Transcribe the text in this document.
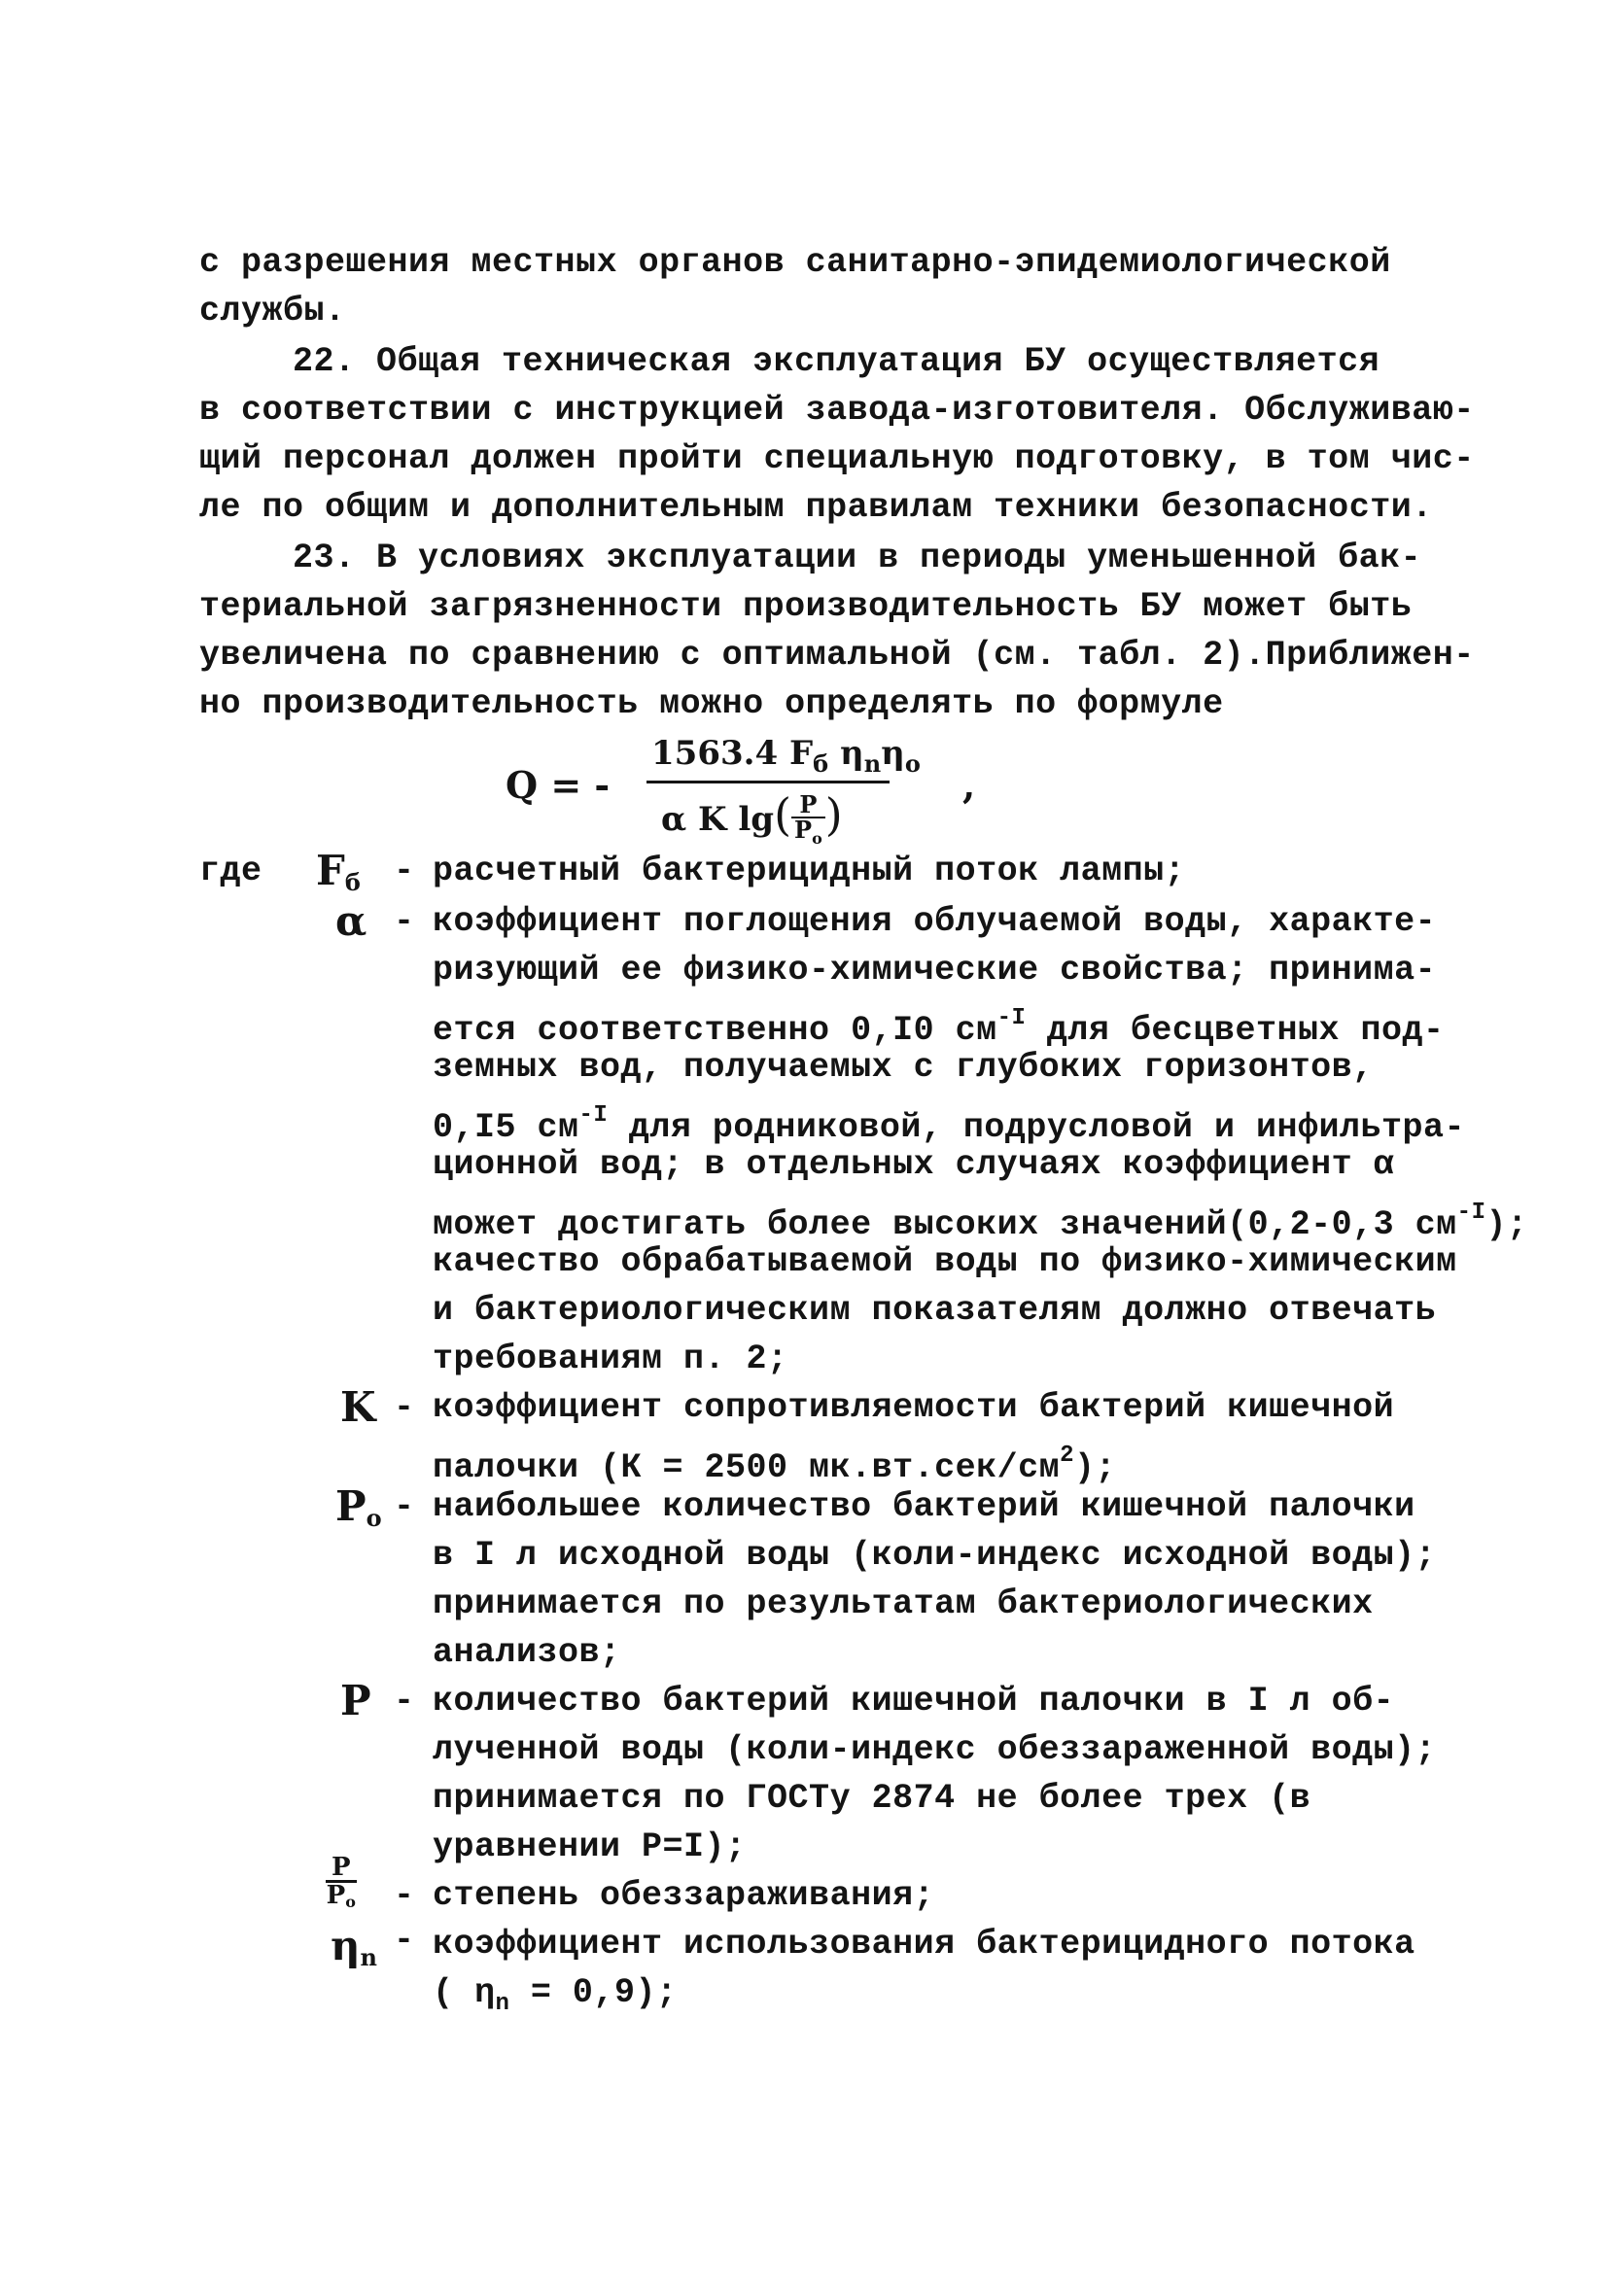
с разрешения местных органов санитарно-эпидемиологической
службы.
22. Общая техническая эксплуатация БУ осуществляется
в соответствии с инструкцией завода-изготовителя. Обслуживаю-
щий персонал должен пройти специальную подготовку, в том чис-
ле по общим и дополнительным правилам техники безопасности.
23. В условиях эксплуатации в периоды уменьшенной бак-
териальной загрязненности производительность БУ может быть
увеличена по сравнению с оптимальной (см. табл. 2).Приближен-
но производительность можно определять по формуле
Q = -
1563.4 $F_б$ $\eta_n\eta_o$
α K $\lg( \frac{P}{P_o}$ )
,
где $F_б$ - расчетный бактерицидный поток лампы;
α - коэффициент поглощения облучаемой воды, характе-
ризующий ее физико-химические свойства; принима-
ется соответственно 0,I0 $см^{-I}$ для бесцветных под-
земных вод, получаемых с глубоких горизонтов,
0,I5 $см^{-I}$ для родниковой, подрусловой и инфильтра-
ционной вод; в отдельных случаях коэффициент α
может достигать более высоких значений(0,2-0,3 $см^{-I}$);
качество обрабатываемой воды по физико-химическим
и бактериологическим показателям должно отвечать
требованиям п. 2;
K - коэффициент сопротивляемости бактерий кишечной
палочки (К = 2500 $мк.вт.сек/см^2$);
$P_o$ - наибольшее количество бактерий кишечной палочки
в I л исходной воды (коли-индекс исходной воды);
принимается по результатам бактериологических
анализов;
P - количество бактерий кишечной палочки в I л об-
лученной воды (коли-индекс обеззараженной воды);
принимается по ГОСТу 2874 не более трех (в
уравнении P=I);
$\frac{P}{P_o}$ - степень обеззараживания;
$\eta_n$ - коэффициент использования бактерицидного потока
( $\eta_n = 0,9$);
